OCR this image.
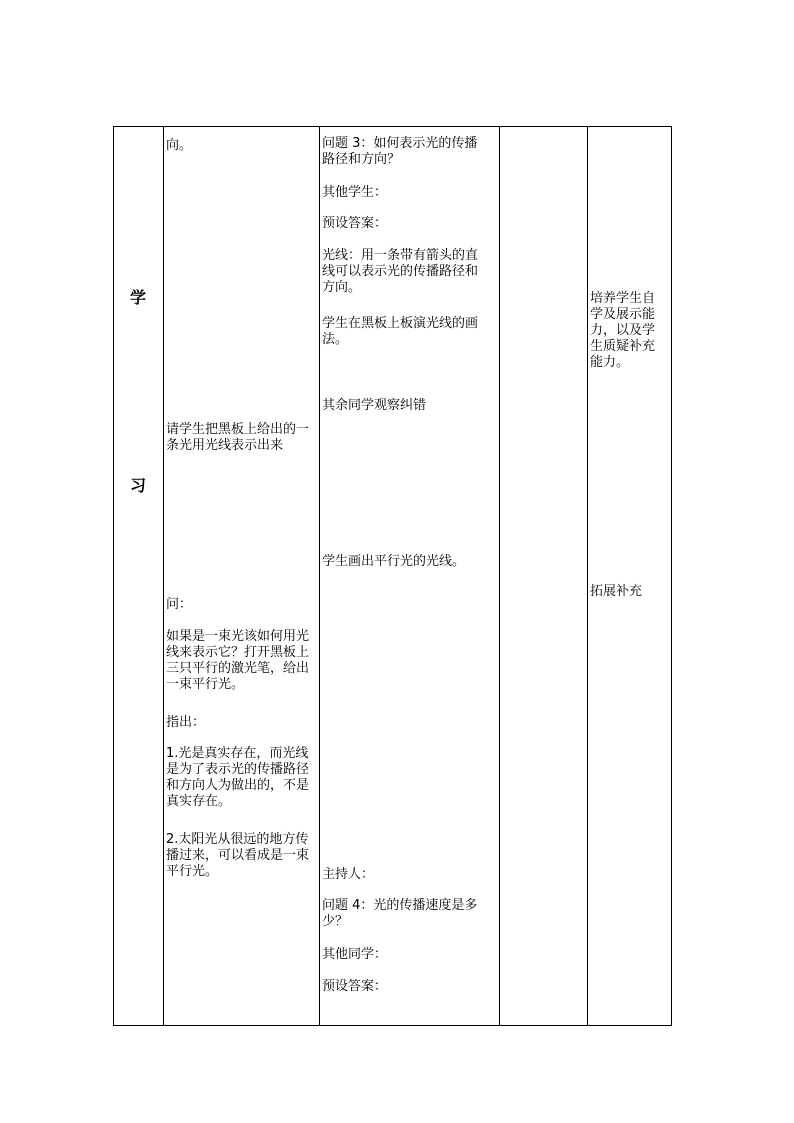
学
习
向。
请学生把黑板上给出的一
条光用光线表示出来
问：
如果是一束光该如何用光
线来表示它？打开黑板上
三只平行的激光笔，给出
一束平行光。
指出：
1.光是真实存在，而光线
是为了表示光的传播路径
和方向人为做出的，不是
真实存在。
2.太阳光从很远的地方传
播过来，可以看成是一束
平行光。
问题 3：如何表示光的传播
路径和方向？
其他学生：
预设答案：
光线：用一条带有箭头的直
线可以表示光的传播路径和
方向。
学生在黑板上板演光线的画
法。
其余同学观察纠错
学生画出平行光的光线。
主持人：
问题 4：光的传播速度是多
少？
其他同学：
预设答案：
培养学生自
学及展示能
力，以及学
生质疑补充
能力。
拓展补充
